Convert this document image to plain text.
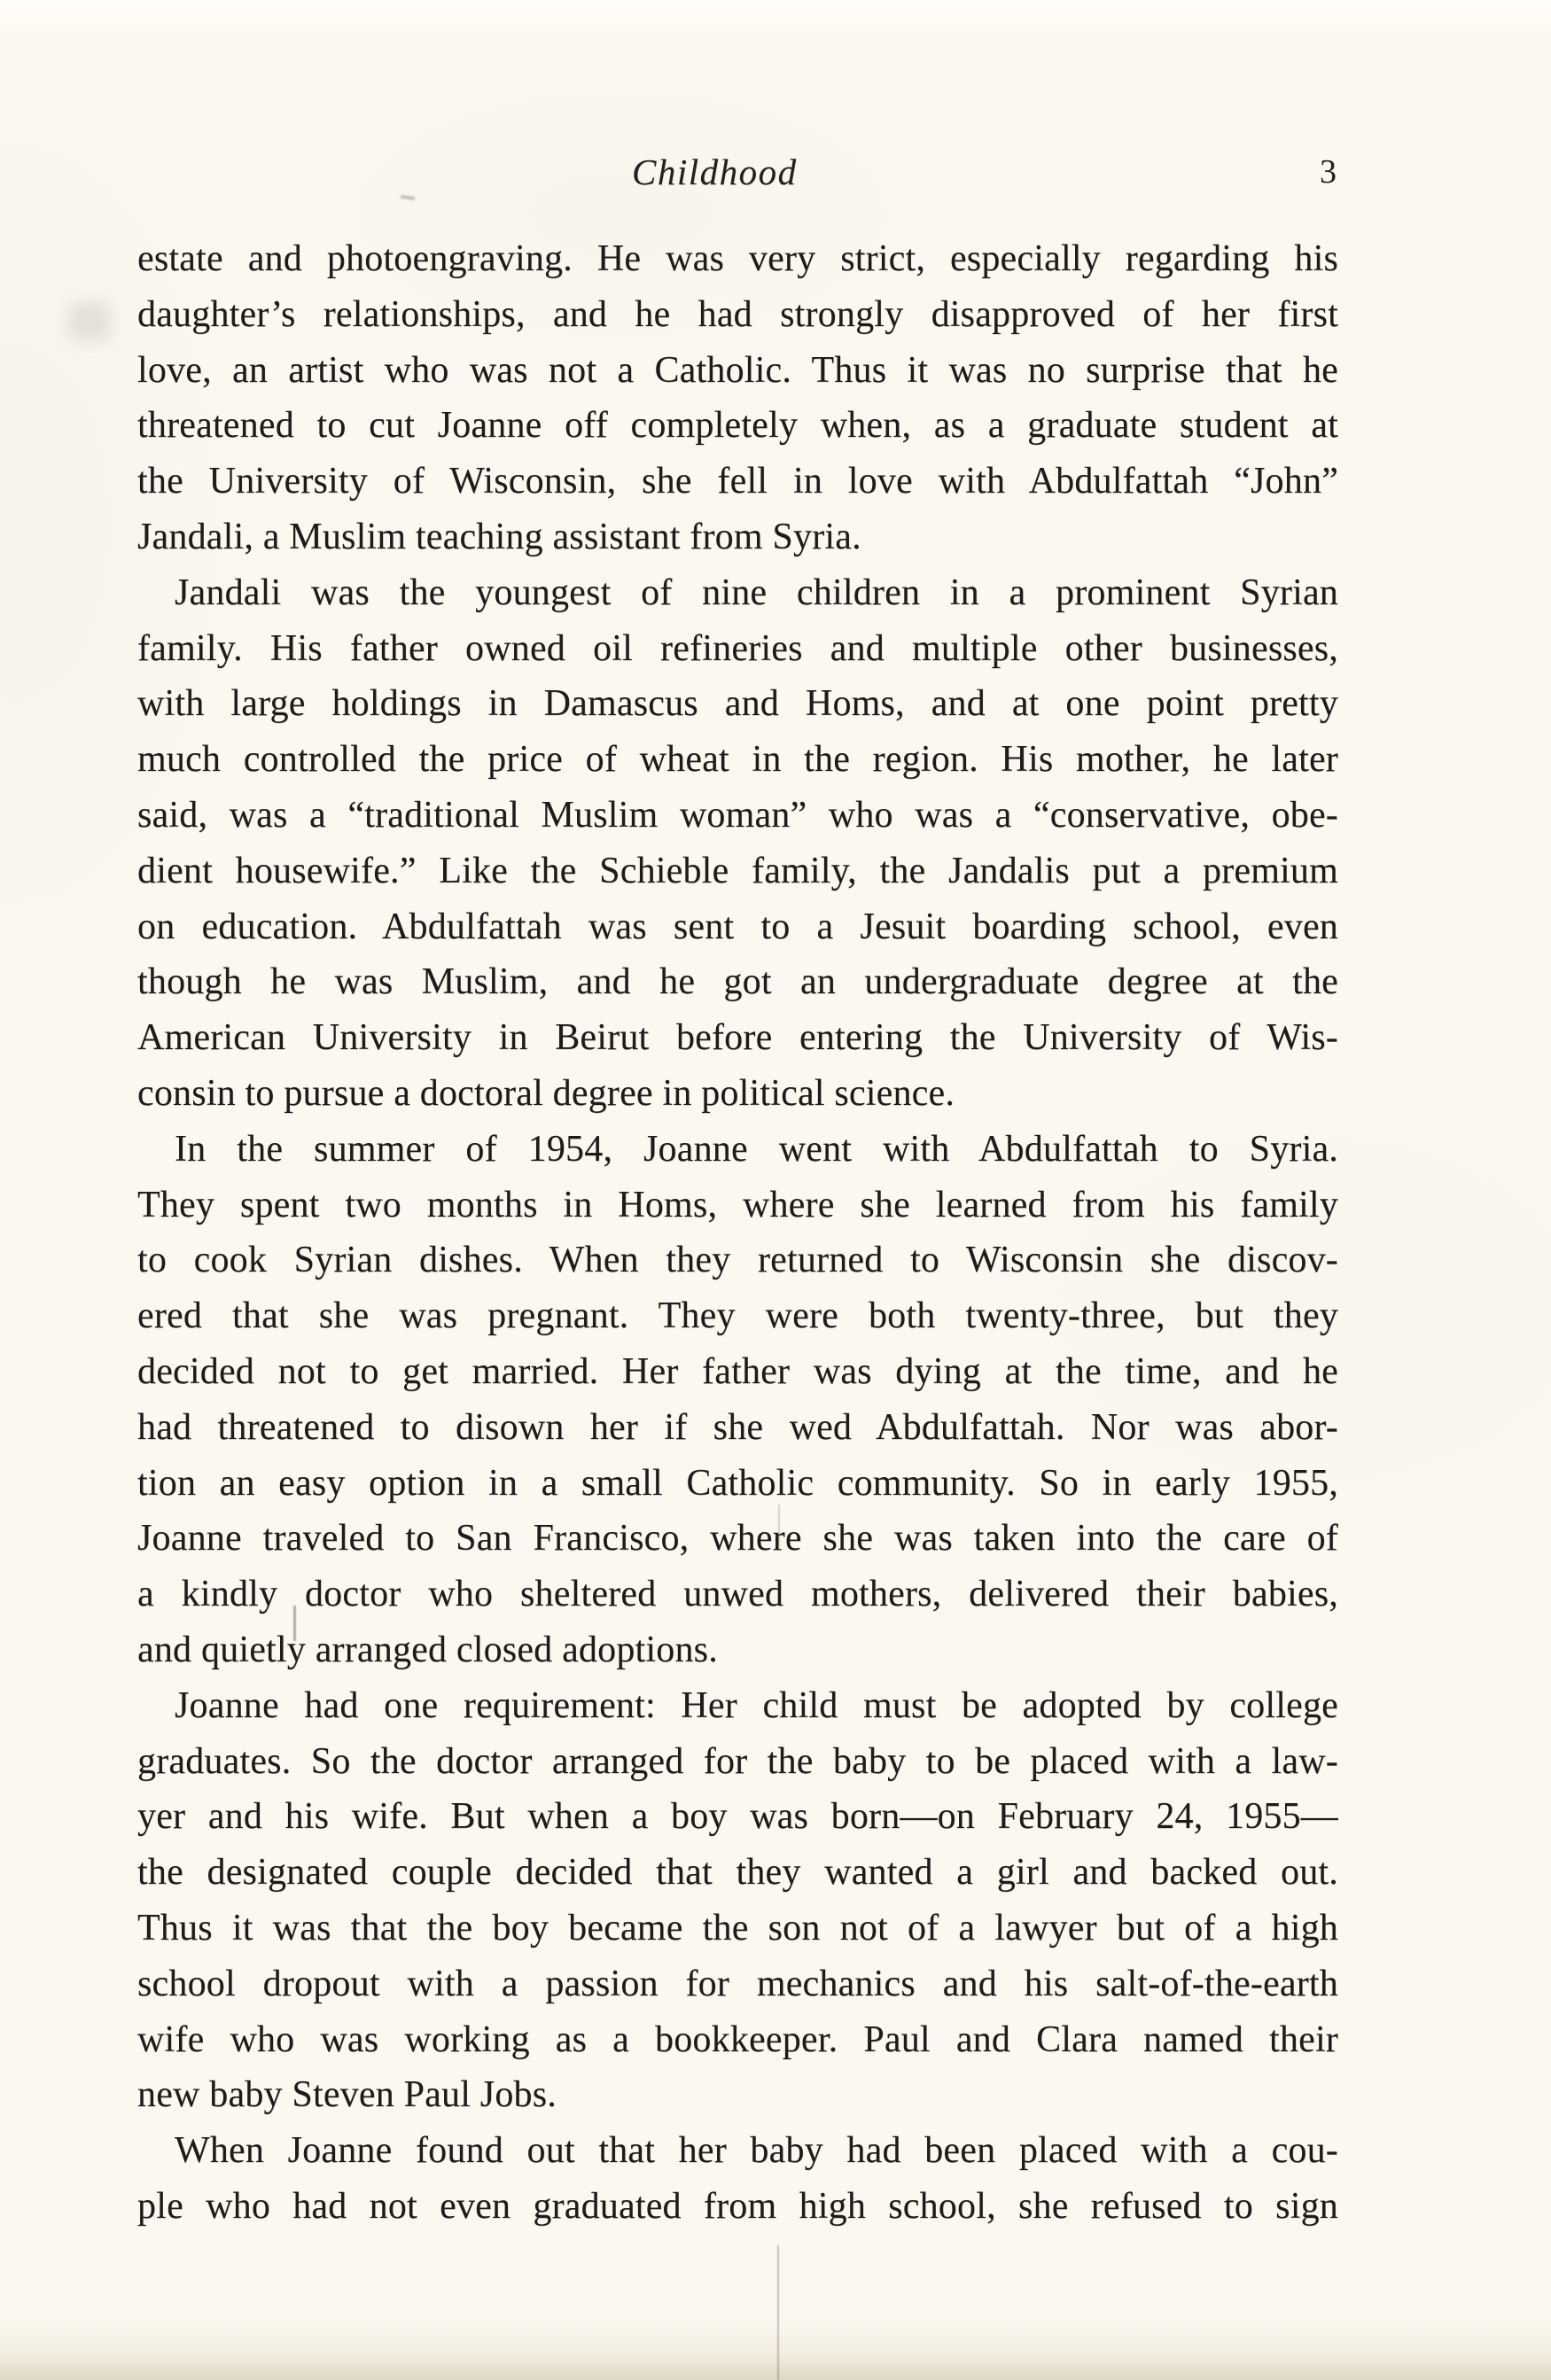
Childhood	3
estate and photoengraving. He was very strict, especially regarding his
daughter’s relationships, and he had strongly disapproved of her first
love, an artist who was not a Catholic. Thus it was no surprise that he
threatened to cut Joanne off completely when, as a graduate student at
the University of Wisconsin, she fell in love with Abdulfattah “John”
Jandali, a Muslim teaching assistant from Syria.
Jandali was the youngest of nine children in a prominent Syrian
family. His father owned oil refineries and multiple other businesses,
with large holdings in Damascus and Homs, and at one point pretty
much controlled the price of wheat in the region. His mother, he later
said, was a “traditional Muslim woman” who was a “conservative, obe-
dient housewife.” Like the Schieble family, the Jandalis put a premium
on education. Abdulfattah was sent to a Jesuit boarding school, even
though he was Muslim, and he got an undergraduate degree at the
American University in Beirut before entering the University of Wis-
consin to pursue a doctoral degree in political science.
In the summer of 1954, Joanne went with Abdulfattah to Syria.
They spent two months in Homs, where she learned from his family
to cook Syrian dishes. When they returned to Wisconsin she discov-
ered that she was pregnant. They were both twenty-three, but they
decided not to get married. Her father was dying at the time, and he
had threatened to disown her if she wed Abdulfattah. Nor was abor-
tion an easy option in a small Catholic community. So in early 1955,
Joanne traveled to San Francisco, where she was taken into the care of
a kindly doctor who sheltered unwed mothers, delivered their babies,
and quietly arranged closed adoptions.
Joanne had one requirement: Her child must be adopted by college
graduates. So the doctor arranged for the baby to be placed with a law-
yer and his wife. But when a boy was born—on February 24, 1955—
the designated couple decided that they wanted a girl and backed out.
Thus it was that the boy became the son not of a lawyer but of a high
school dropout with a passion for mechanics and his salt-of-the-earth
wife who was working as a bookkeeper. Paul and Clara named their
new baby Steven Paul Jobs.
When Joanne found out that her baby had been placed with a cou-
ple who had not even graduated from high school, she refused to sign
